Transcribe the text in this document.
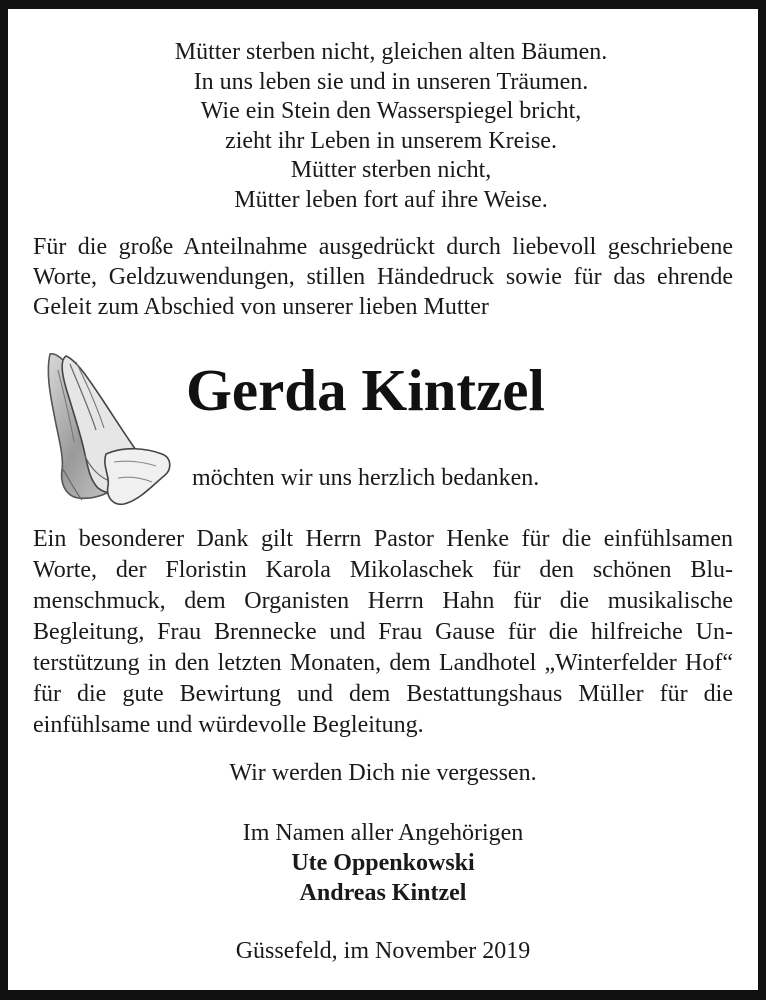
Mütter sterben nicht, gleichen alten Bäumen.
In uns leben sie und in unseren Träumen.
Wie ein Stein den Wasserspiegel bricht,
zieht ihr Leben in unserem Kreise.
Mütter sterben nicht,
Mütter leben fort auf ihre Weise.
Für die große Anteilnahme ausgedrückt durch liebevoll geschriebene Worte, Geldzuwendungen, stillen Händedruck sowie für das ehrende Geleit zum Abschied von unserer lieben Mutter
Gerda Kintzel
möchten wir uns herzlich bedanken.
Ein besonderer Dank gilt Herrn Pastor Henke für die einfühlsamen Worte, der Floristin Karola Mikolaschek für den schönen Blumenschmuck, dem Organisten Herrn Hahn für die musikalische Begleitung, Frau Brennecke und Frau Gause für die hilfreiche Unterstützung in den letzten Monaten, dem Landhotel „Winterfelder Hof“ für die gute Bewirtung und dem Bestattungshaus Müller für die einfühlsame und würdevolle Begleitung.
Wir werden Dich nie vergessen.
Im Namen aller Angehörigen
Ute Oppenkowski
Andreas Kintzel
Güssefeld, im November 2019
